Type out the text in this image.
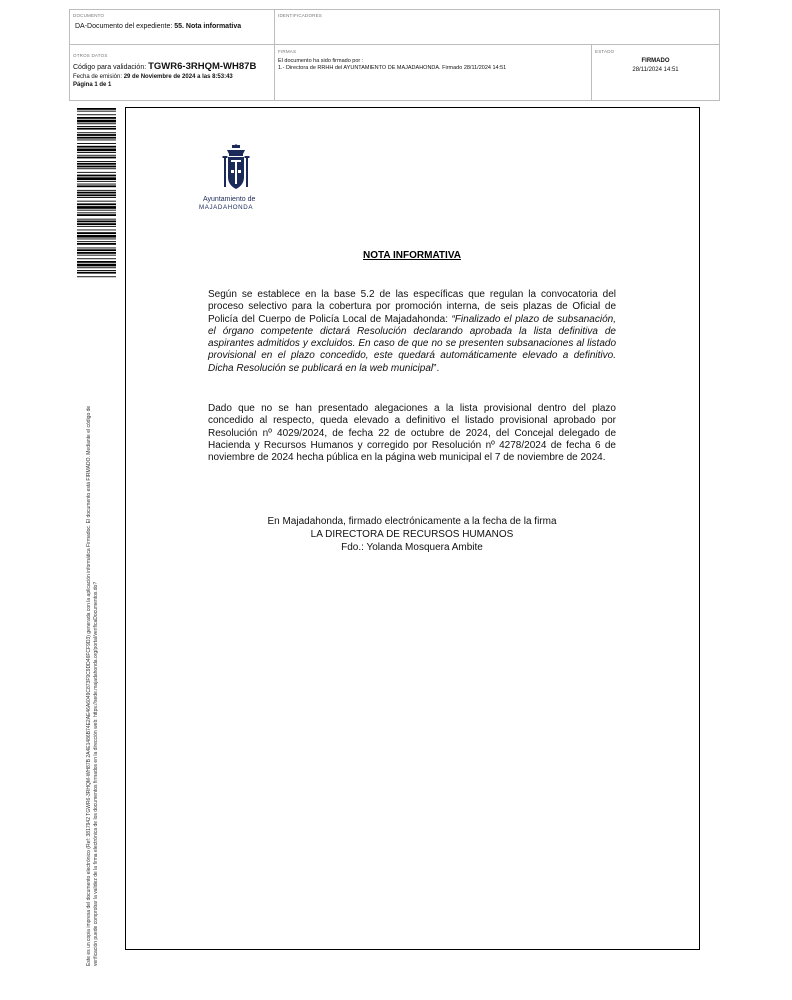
DOCUMENTO
DA-Documento del expediente: 55. Nota informativa
IDENTIFICADORES
OTROS DATOS
Código para validación: TGWR6-3RHQM-WH87B
Fecha de emisión: 29 de Noviembre de 2024 a las 8:53:43
Página 1 de 1
FIRMAS
El documento ha sido firmado por :
1.- Directora de RRHH del AYUNTAMIENTO DE MAJADAHONDA. Firmado 28/11/2024 14:51
ESTADO
FIRMADO
28/11/2024 14:51
Este es un copia impresa del documento electrónico (Ref: 3817942 TGWR6-3RHQM-WH87B 2A4E1486B74E2AE46A6049C873F9C9DD46FCF9D3) generada con la aplicación informática Firmadoc. El documento está FIRMADO. Mediante el código de verificación puede comprobar la validez de la firma electrónica de los documentos firmados en la dirección web: https://sede.majadahonda.org/portal/verificaDocumentos.do?
Ayuntamiento de
MAJADAHONDA
NOTA INFORMATIVA
Según se establece en la base 5.2 de las específicas que regulan la convocatoria del proceso selectivo para la cobertura por promoción interna, de seis plazas de Oficial de Policía del Cuerpo de Policía Local de Majadahonda: “Finalizado el plazo de subsanación, el órgano competente dictará Resolución declarando aprobada la lista definitiva de aspirantes admitidos y excluidos. En caso de que no se presenten subsanaciones al listado provisional en el plazo concedido, este quedará automáticamente elevado a definitivo. Dicha Resolución se publicará en la web municipal”.
Dado que no se han presentado alegaciones a la lista provisional dentro del plazo concedido al respecto, queda elevado a definitivo el listado provisional aprobado por Resolución nº 4029/2024, de fecha 22 de octubre de 2024, del Concejal delegado de Hacienda y Recursos Humanos y corregido por Resolución nº 4278/2024 de fecha 6 de noviembre de 2024 hecha pública en la página web municipal el 7 de noviembre de 2024.
En Majadahonda, firmado electrónicamente a la fecha de la firma
LA DIRECTORA DE RECURSOS HUMANOS
Fdo.: Yolanda Mosquera Ambite
